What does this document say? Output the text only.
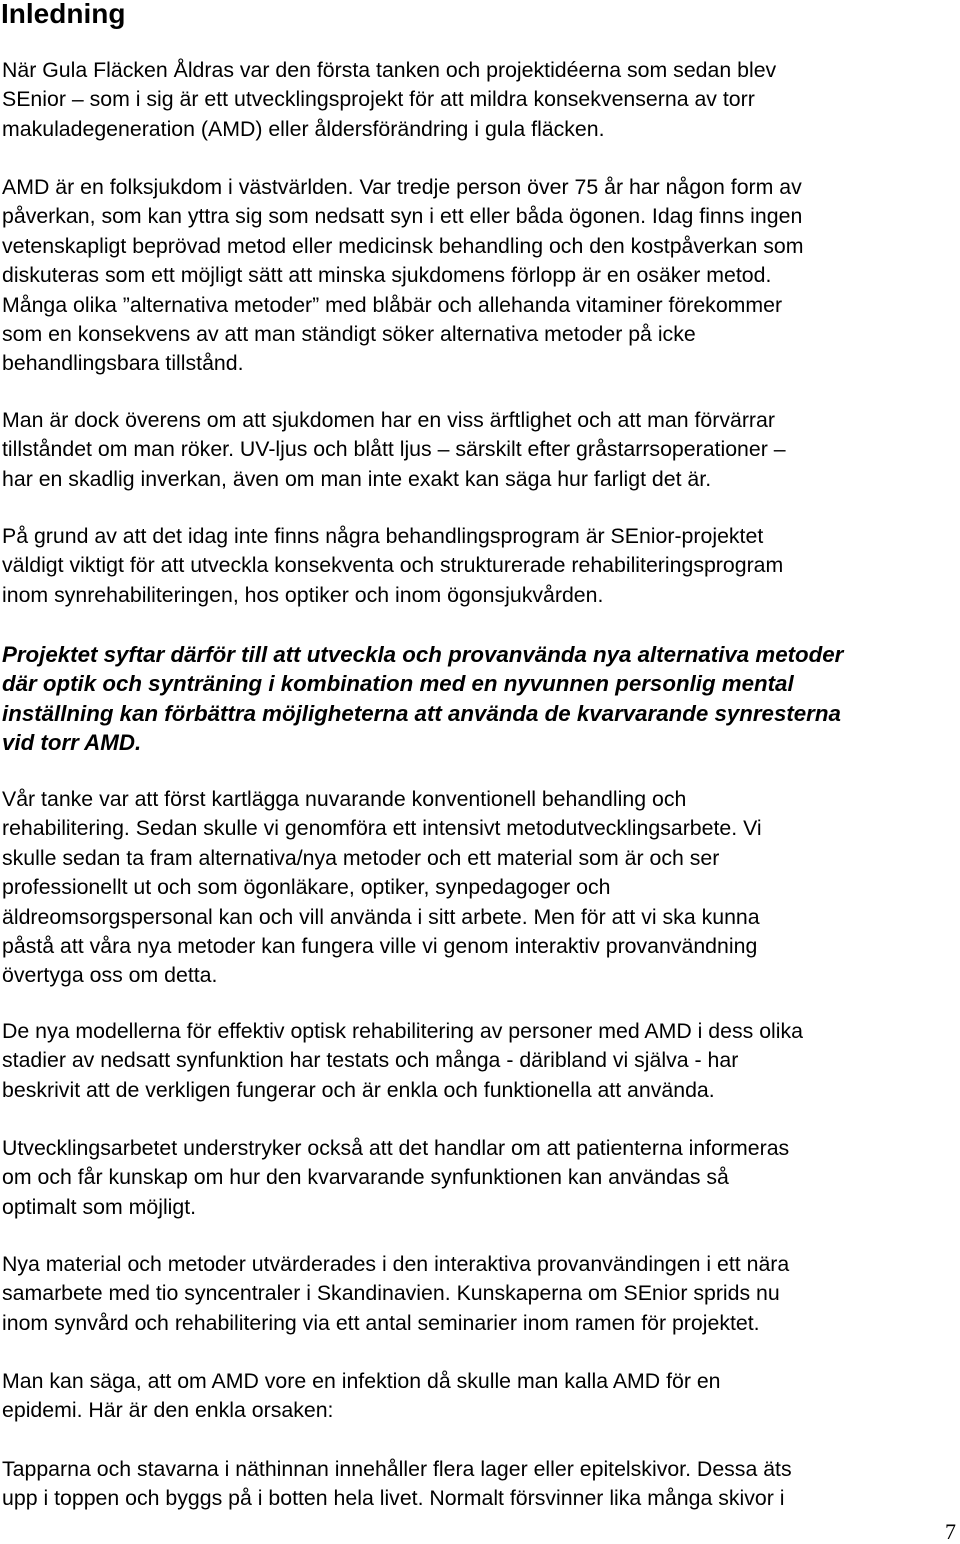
Inledning

När Gula Fläcken Åldras var den första tanken och projektidéerna som sedan blev
SEnior – som i sig är ett utvecklingsprojekt för att mildra konsekvenserna av torr
makuladegeneration (AMD) eller åldersförändring i gula fläcken.

AMD är en folksjukdom i västvärlden. Var tredje person över 75 år har någon form av
påverkan, som kan yttra sig som nedsatt syn i ett eller båda ögonen. Idag finns ingen
vetenskapligt beprövad metod eller medicinsk behandling och den kostpåverkan som
diskuteras som ett möjligt sätt att minska sjukdomens förlopp är en osäker metod.
Många olika ”alternativa metoder” med blåbär och allehanda vitaminer förekommer
som en konsekvens av att man ständigt söker alternativa metoder på icke
behandlingsbara tillstånd.

Man är dock överens om att sjukdomen har en viss ärftlighet och att man förvärrar
tillståndet om man röker. UV-ljus och blått ljus – särskilt efter gråstarrsoperationer –
har en skadlig inverkan, även om man inte exakt kan säga hur farligt det är.

På grund av att det idag inte finns några behandlingsprogram är SEnior-projektet
väldigt viktigt för att utveckla konsekventa och strukturerade rehabiliteringsprogram
inom synrehabiliteringen, hos optiker och inom ögonsjukvården.

Projektet syftar därför till att utveckla och provanvända nya alternativa metoder
där optik och synträning i kombination med en nyvunnen personlig mental
inställning kan förbättra möjligheterna att använda de kvarvarande synresterna
vid torr AMD.

Vår tanke var att först kartlägga nuvarande konventionell behandling och
rehabilitering. Sedan skulle vi genomföra ett intensivt metodutvecklingsarbete. Vi
skulle sedan ta fram alternativa/nya metoder och ett material som är och ser
professionellt ut och som ögonläkare, optiker, synpedagoger och
äldreomsorgspersonal kan och vill använda i sitt arbete. Men för att vi ska kunna
påstå att våra nya metoder kan fungera ville vi genom interaktiv provanvändning
övertyga oss om detta.

De nya modellerna för effektiv optisk rehabilitering av personer med AMD i dess olika
stadier av nedsatt synfunktion har testats och många - däribland vi själva - har
beskrivit att de verkligen fungerar och är enkla och funktionella att använda.

Utvecklingsarbetet understryker också att det handlar om att patienterna informeras
om och får kunskap om hur den kvarvarande synfunktionen kan användas så
optimalt som möjligt.

Nya material och metoder utvärderades i den interaktiva provanvändingen i ett nära
samarbete med tio syncentraler i Skandinavien. Kunskaperna om SEnior sprids nu
inom synvård och rehabilitering via ett antal seminarier inom ramen för projektet.

Man kan säga, att om AMD vore en infektion då skulle man kalla AMD för en
epidemi. Här är den enkla orsaken:

Tapparna och stavarna i näthinnan innehåller flera lager eller epitelskivor. Dessa äts
upp i toppen och byggs på i botten hela livet. Normalt försvinner lika många skivor i

7
